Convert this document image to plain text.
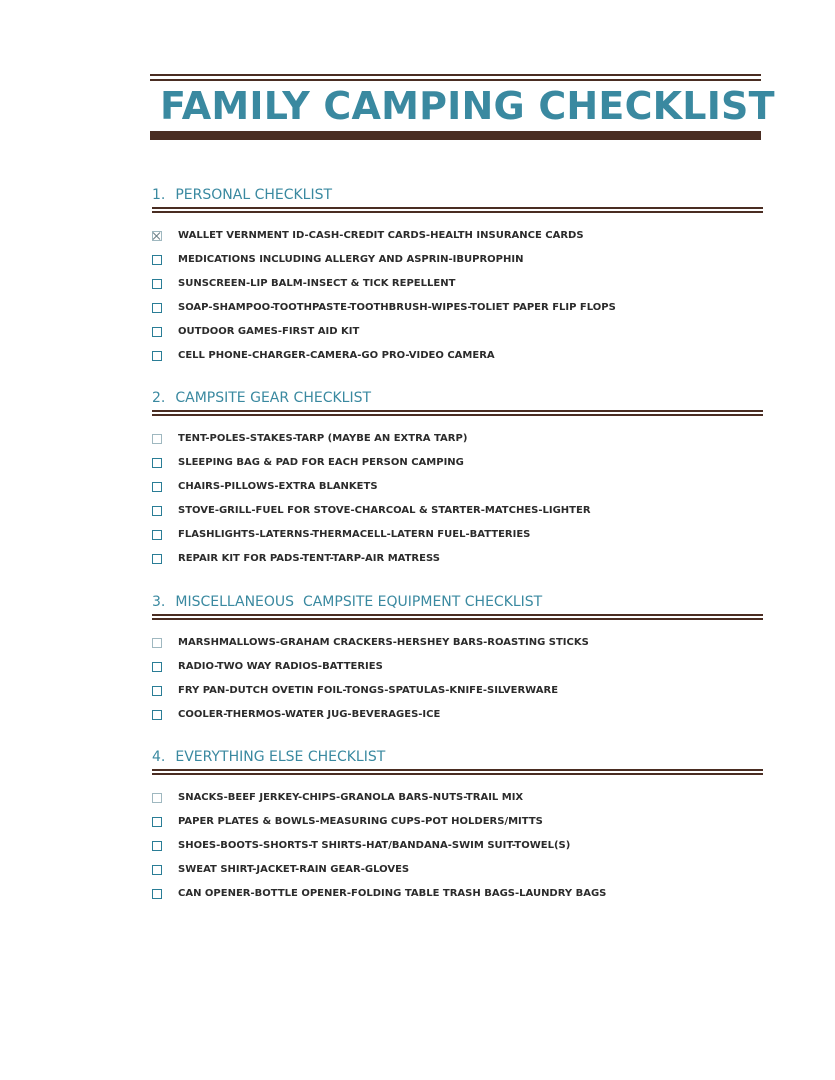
FAMILY CAMPING CHECKLIST
1. PERSONAL CHECKLIST
WALLET VERNMENT ID-CASH-CREDIT CARDS-HEALTH INSURANCE CARDS
MEDICATIONS INCLUDING ALLERGY AND ASPRIN-IBUPROPHIN
SUNSCREEN-LIP BALM-INSECT & TICK REPELLENT
SOAP-SHAMPOO-TOOTHPASTE-TOOTHBRUSH-WIPES-TOLIET PAPER FLIP FLOPS
OUTDOOR GAMES-FIRST AID KIT
CELL PHONE-CHARGER-CAMERA-GO PRO-VIDEO CAMERA
2. CAMPSITE GEAR CHECKLIST
TENT-POLES-STAKES-TARP (MAYBE AN EXTRA TARP)
SLEEPING BAG & PAD FOR EACH PERSON CAMPING
CHAIRS-PILLOWS-EXTRA BLANKETS
STOVE-GRILL-FUEL FOR STOVE-CHARCOAL & STARTER-MATCHES-LIGHTER
FLASHLIGHTS-LATERNS-THERMACELL-LATERN FUEL-BATTERIES
REPAIR KIT FOR PADS-TENT-TARP-AIR MATRESS
3. MISCELLANEOUS  CAMPSITE EQUIPMENT CHECKLIST
MARSHMALLOWS-GRAHAM CRACKERS-HERSHEY BARS-ROASTING STICKS
RADIO-TWO WAY RADIOS-BATTERIES
FRY PAN-DUTCH OVETIN FOIL-TONGS-SPATULAS-KNIFE-SILVERWARE
COOLER-THERMOS-WATER JUG-BEVERAGES-ICE
4. EVERYTHING ELSE CHECKLIST
SNACKS-BEEF JERKEY-CHIPS-GRANOLA BARS-NUTS-TRAIL MIX
PAPER PLATES & BOWLS-MEASURING CUPS-POT HOLDERS/MITTS
SHOES-BOOTS-SHORTS-T SHIRTS-HAT/BANDANA-SWIM SUIT-TOWEL(S)
SWEAT SHIRT-JACKET-RAIN GEAR-GLOVES
CAN OPENER-BOTTLE OPENER-FOLDING TABLE TRASH BAGS-LAUNDRY BAGS
